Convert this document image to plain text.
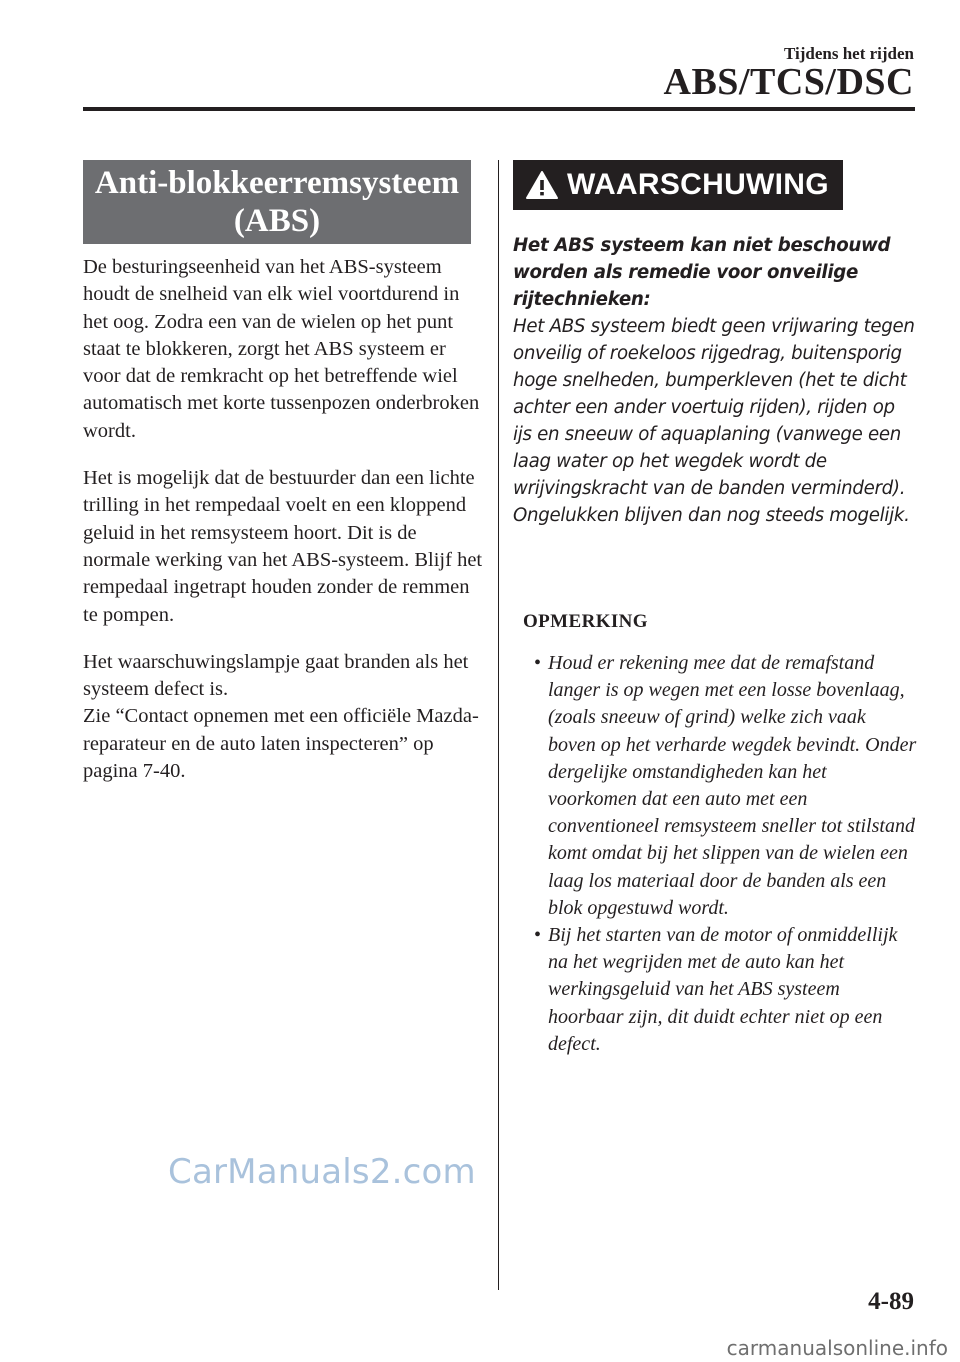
Tijdens het rijden
ABS/TCS/DSC
Anti-blokkeerremsysteem
(ABS)

De besturingseenheid van het ABS-systeem houdt de snelheid van elk wiel voortdurend in het oog. Zodra een van de wielen op het punt staat te blokkeren, zorgt het ABS systeem er voor dat de remkracht op het betreffende wiel automatisch met korte tussenpozen onderbroken wordt.

Het is mogelijk dat de bestuurder dan een lichte trilling in het rempedaal voelt en een kloppend geluid in het remsysteem hoort. Dit is de normale werking van het ABS-systeem. Blijf het rempedaal ingetrapt houden zonder de remmen te pompen.

Het waarschuwingslampje gaat branden als het systeem defect is.
Zie “Contact opnemen met een officiële Mazda-reparateur en de auto laten inspecteren” op pagina 7-40.

WAARSCHUWING

Het ABS systeem kan niet beschouwd worden als remedie voor onveilige rijtechnieken:

Het ABS systeem biedt geen vrijwaring tegen onveilig of roekeloos rijgedrag, buitensporig hoge snelheden, bumperkleven (het te dicht achter een ander voertuig rijden), rijden op ijs en sneeuw of aquaplaning (vanwege een laag water op het wegdek wordt de wrijvingskracht van de banden verminderd). Ongelukken blijven dan nog steeds mogelijk.

OPMERKING
• Houd er rekening mee dat de remafstand langer is op wegen met een losse bovenlaag, (zoals sneeuw of grind) welke zich vaak boven op het verharde wegdek bevindt. Onder dergelijke omstandigheden kan het voorkomen dat een auto met een conventioneel remsysteem sneller tot stilstand komt omdat bij het slippen van de wielen een laag los materiaal door de banden als een blok opgestuwd wordt.
• Bij het starten van de motor of onmiddellijk na het wegrijden met de auto kan het werkingsgeluid van het ABS systeem hoorbaar zijn, dit duidt echter niet op een defect.
CarManuals2.com
4-89
carmanualsonline.info
